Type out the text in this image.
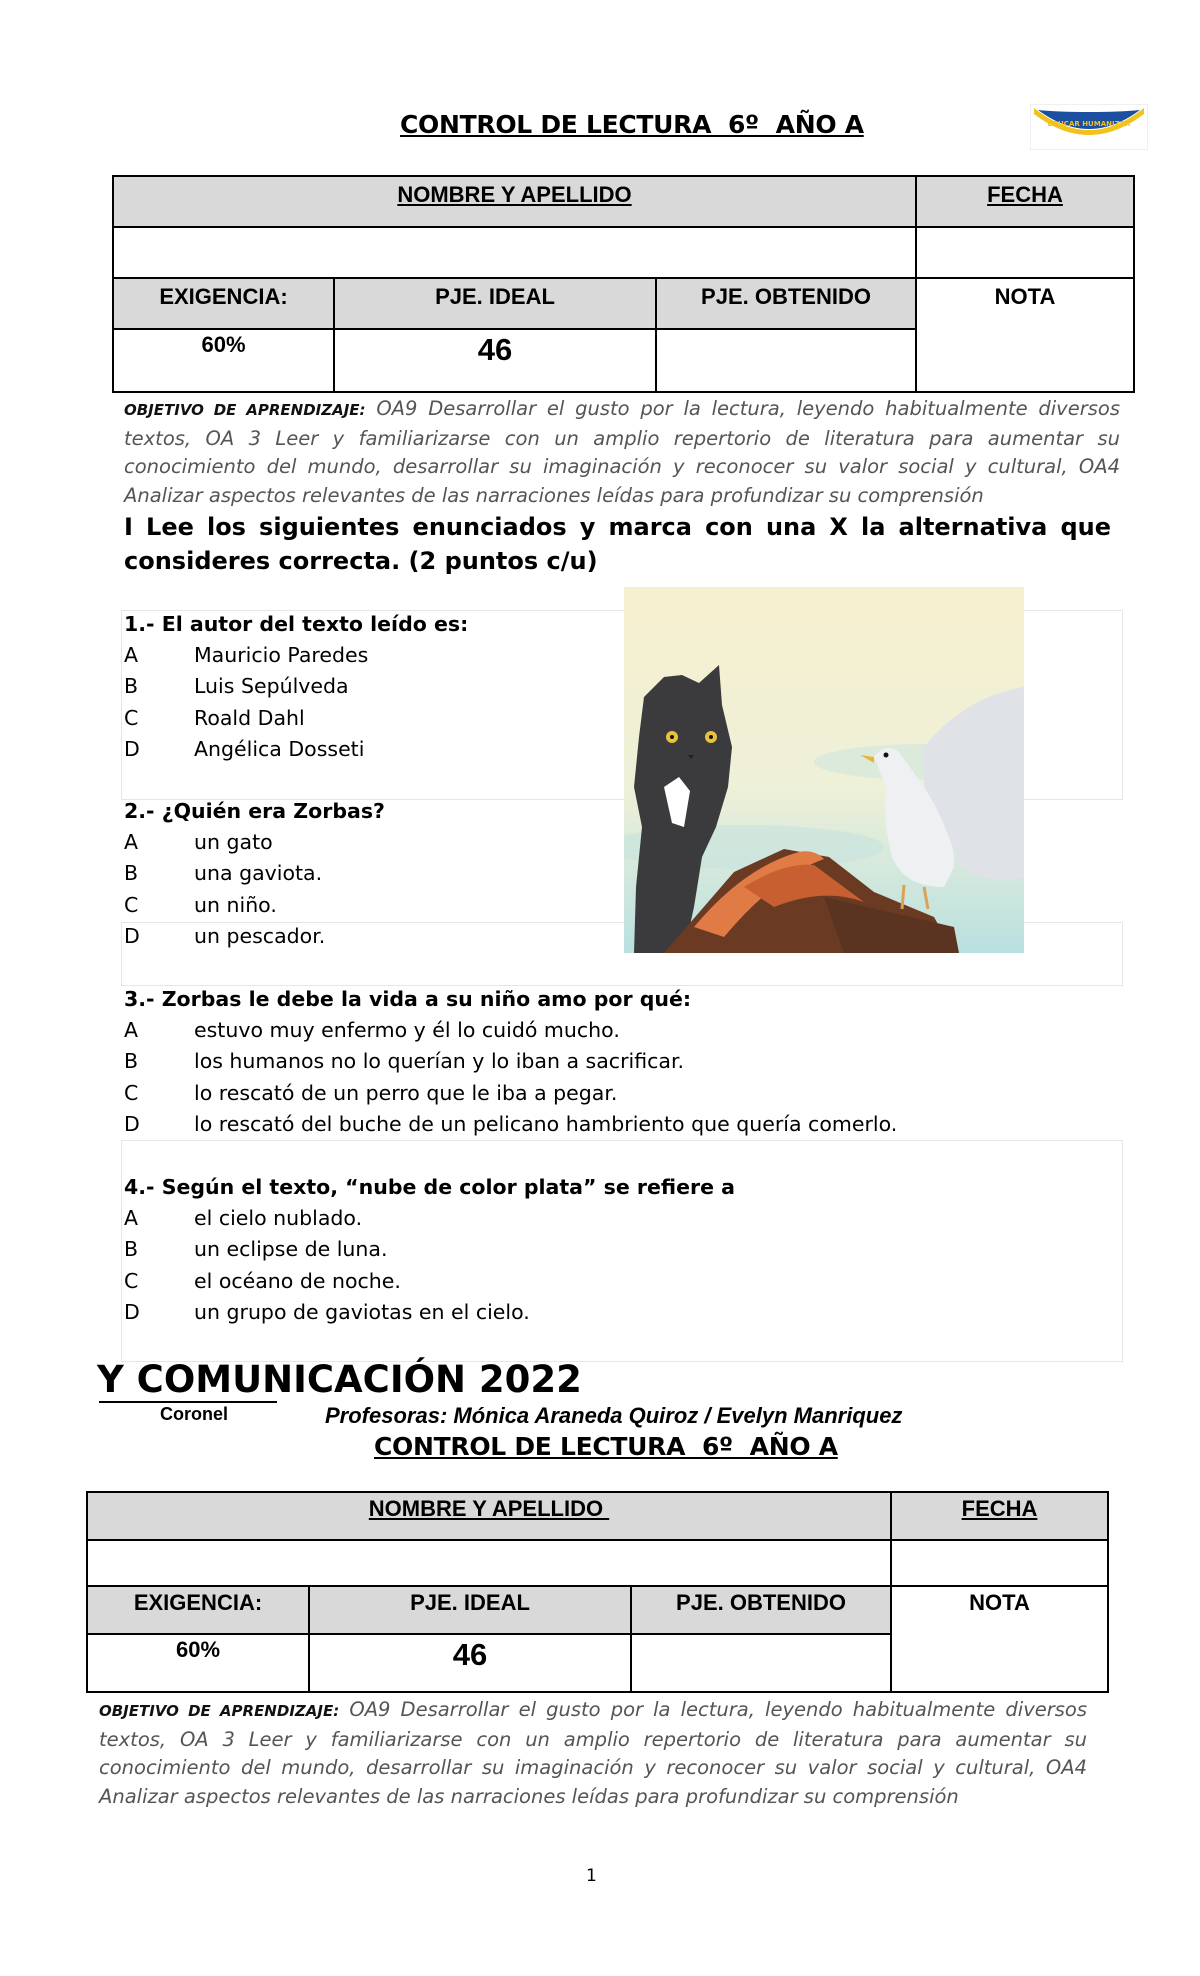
CONTROL DE LECTURA  6º  AÑO A	EDUCAR HUMANIZAR
NOMBRE Y APELLIDO			FECHA

EXIGENCIA:	PJE. IDEAL	PJE. OBTENIDO	NOTA
60%	46		
OBJETIVO DE APRENDIZAJE: OA9 Desarrollar el gusto por la lectura, leyendo habitualmente diversos textos, OA 3 Leer y familiarizarse con un amplio repertorio de literatura para aumentar su conocimiento del mundo, desarrollar su imaginación y reconocer su valor social y cultural, OA4 Analizar aspectos relevantes de las narraciones leídas para profundizar su comprensión
I Lee los siguientes enunciados y marca con una X la alternativa que consideres correcta. (2 puntos c/u)
1.- El autor del texto leído es:
A	Mauricio Paredes
B	Luis Sepúlveda
C	Roald Dahl
D	Angélica Dosseti
2.- ¿Quién era Zorbas?
A	un gato
B	una gaviota.
C	un niño.
D	un pescador.
3.- Zorbas le debe la vida a su niño amo por qué:
A	estuvo muy enfermo y él lo cuidó mucho.
B	los humanos no lo querían y lo iban a sacrificar.
C	lo rescató de un perro que le iba a pegar.
D	lo rescató del buche de un pelicano hambriento que quería comerlo.
4.- Según el texto, “nube de color plata” se refiere a
A	el cielo nublado.
B	un eclipse de luna.
C	el océano de noche.
D	un grupo de gaviotas en el cielo.
Y COMUNICACIÓN 2022
Coronel	Profesoras: Mónica Araneda Quiroz / Evelyn Manriquez
CONTROL DE LECTURA  6º  AÑO A
NOMBRE Y APELLIDO			FECHA

EXIGENCIA:	PJE. IDEAL	PJE. OBTENIDO	NOTA
60%	46		
OBJETIVO DE APRENDIZAJE: OA9 Desarrollar el gusto por la lectura, leyendo habitualmente diversos textos, OA 3 Leer y familiarizarse con un amplio repertorio de literatura para aumentar su conocimiento del mundo, desarrollar su imaginación y reconocer su valor social y cultural, OA4 Analizar aspectos relevantes de las narraciones leídas para profundizar su comprensión
1
